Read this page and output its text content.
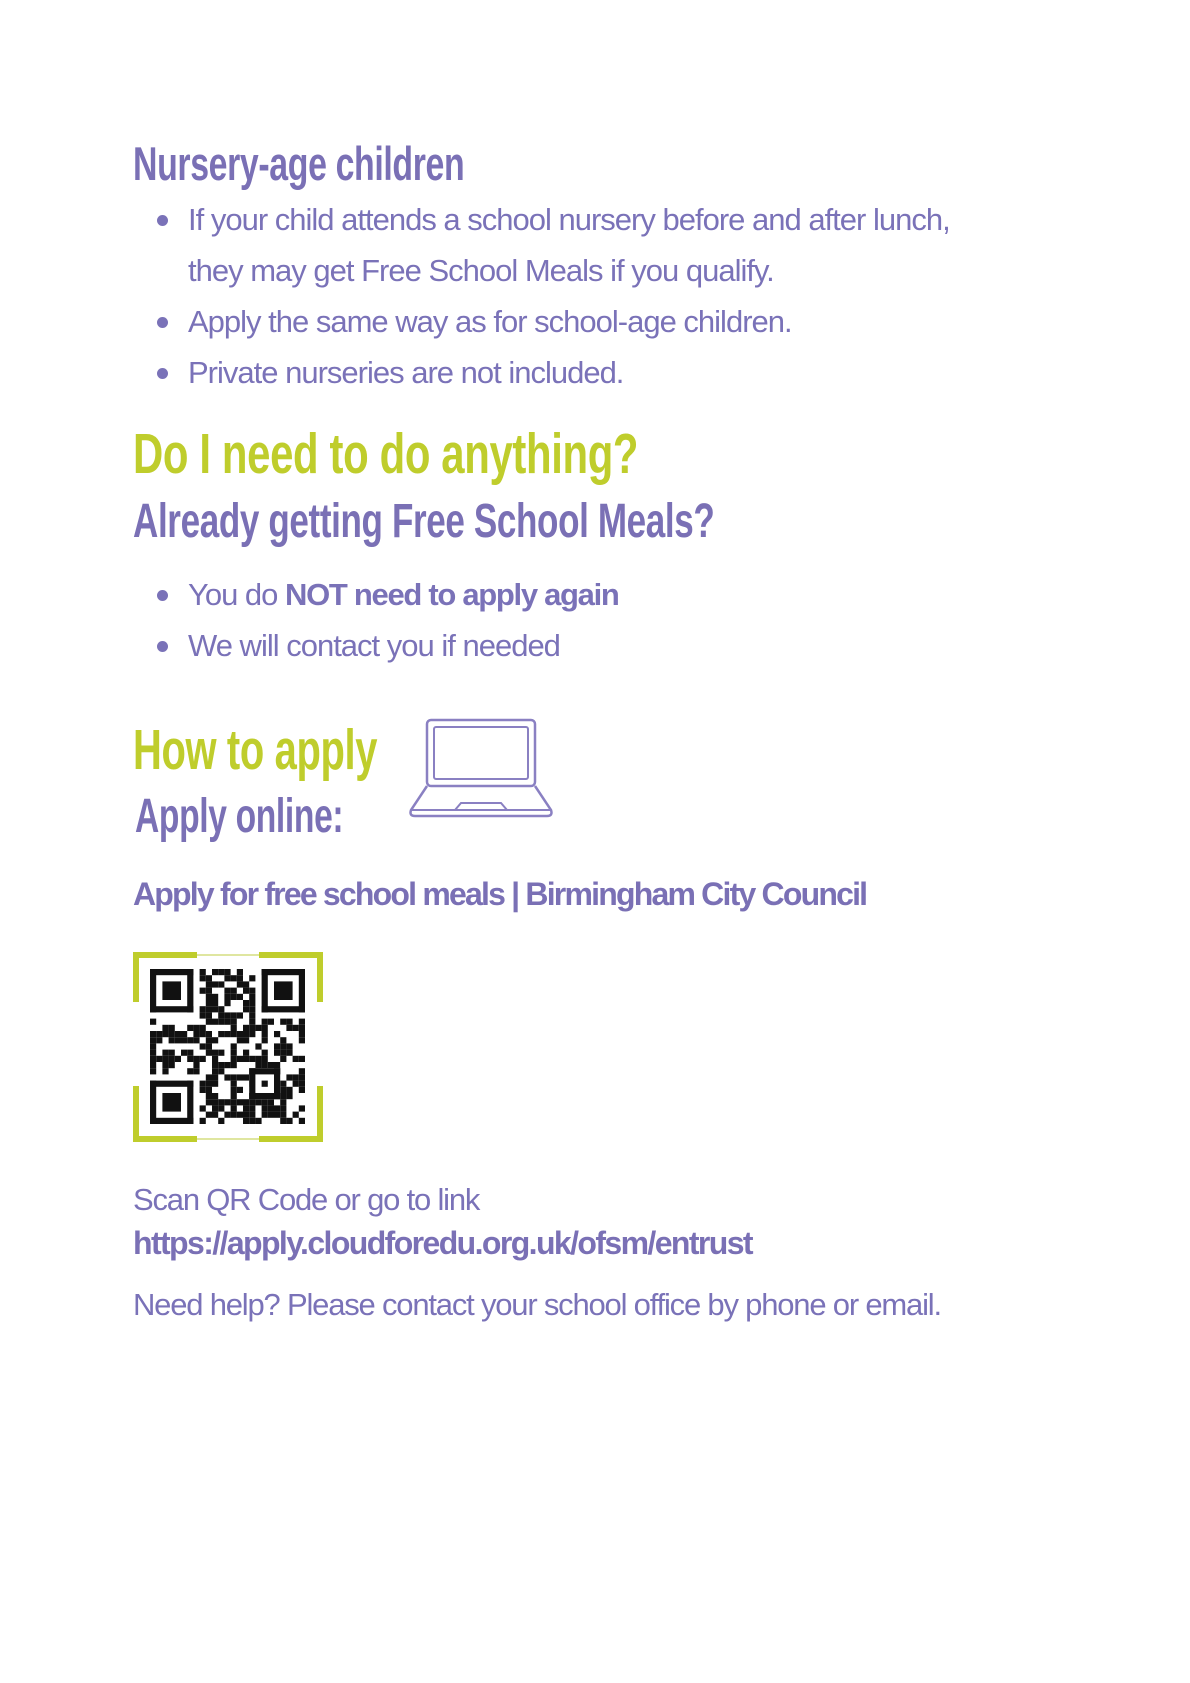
Nursery-age children
If your child attends a school nursery before and after lunch,
they may get Free School Meals if you qualify.
Apply the same way as for school-age children.
Private nurseries are not included.
Do I need to do anything?
Already getting Free School Meals?
You do NOT need to apply again
We will contact you if needed
How to apply
Apply online:
Apply for free school meals | Birmingham City Council

Scan QR Code or go to link

https://apply.cloudforedu.org.uk/ofsm/entrust

Need help? Please contact your school office by phone or email.
